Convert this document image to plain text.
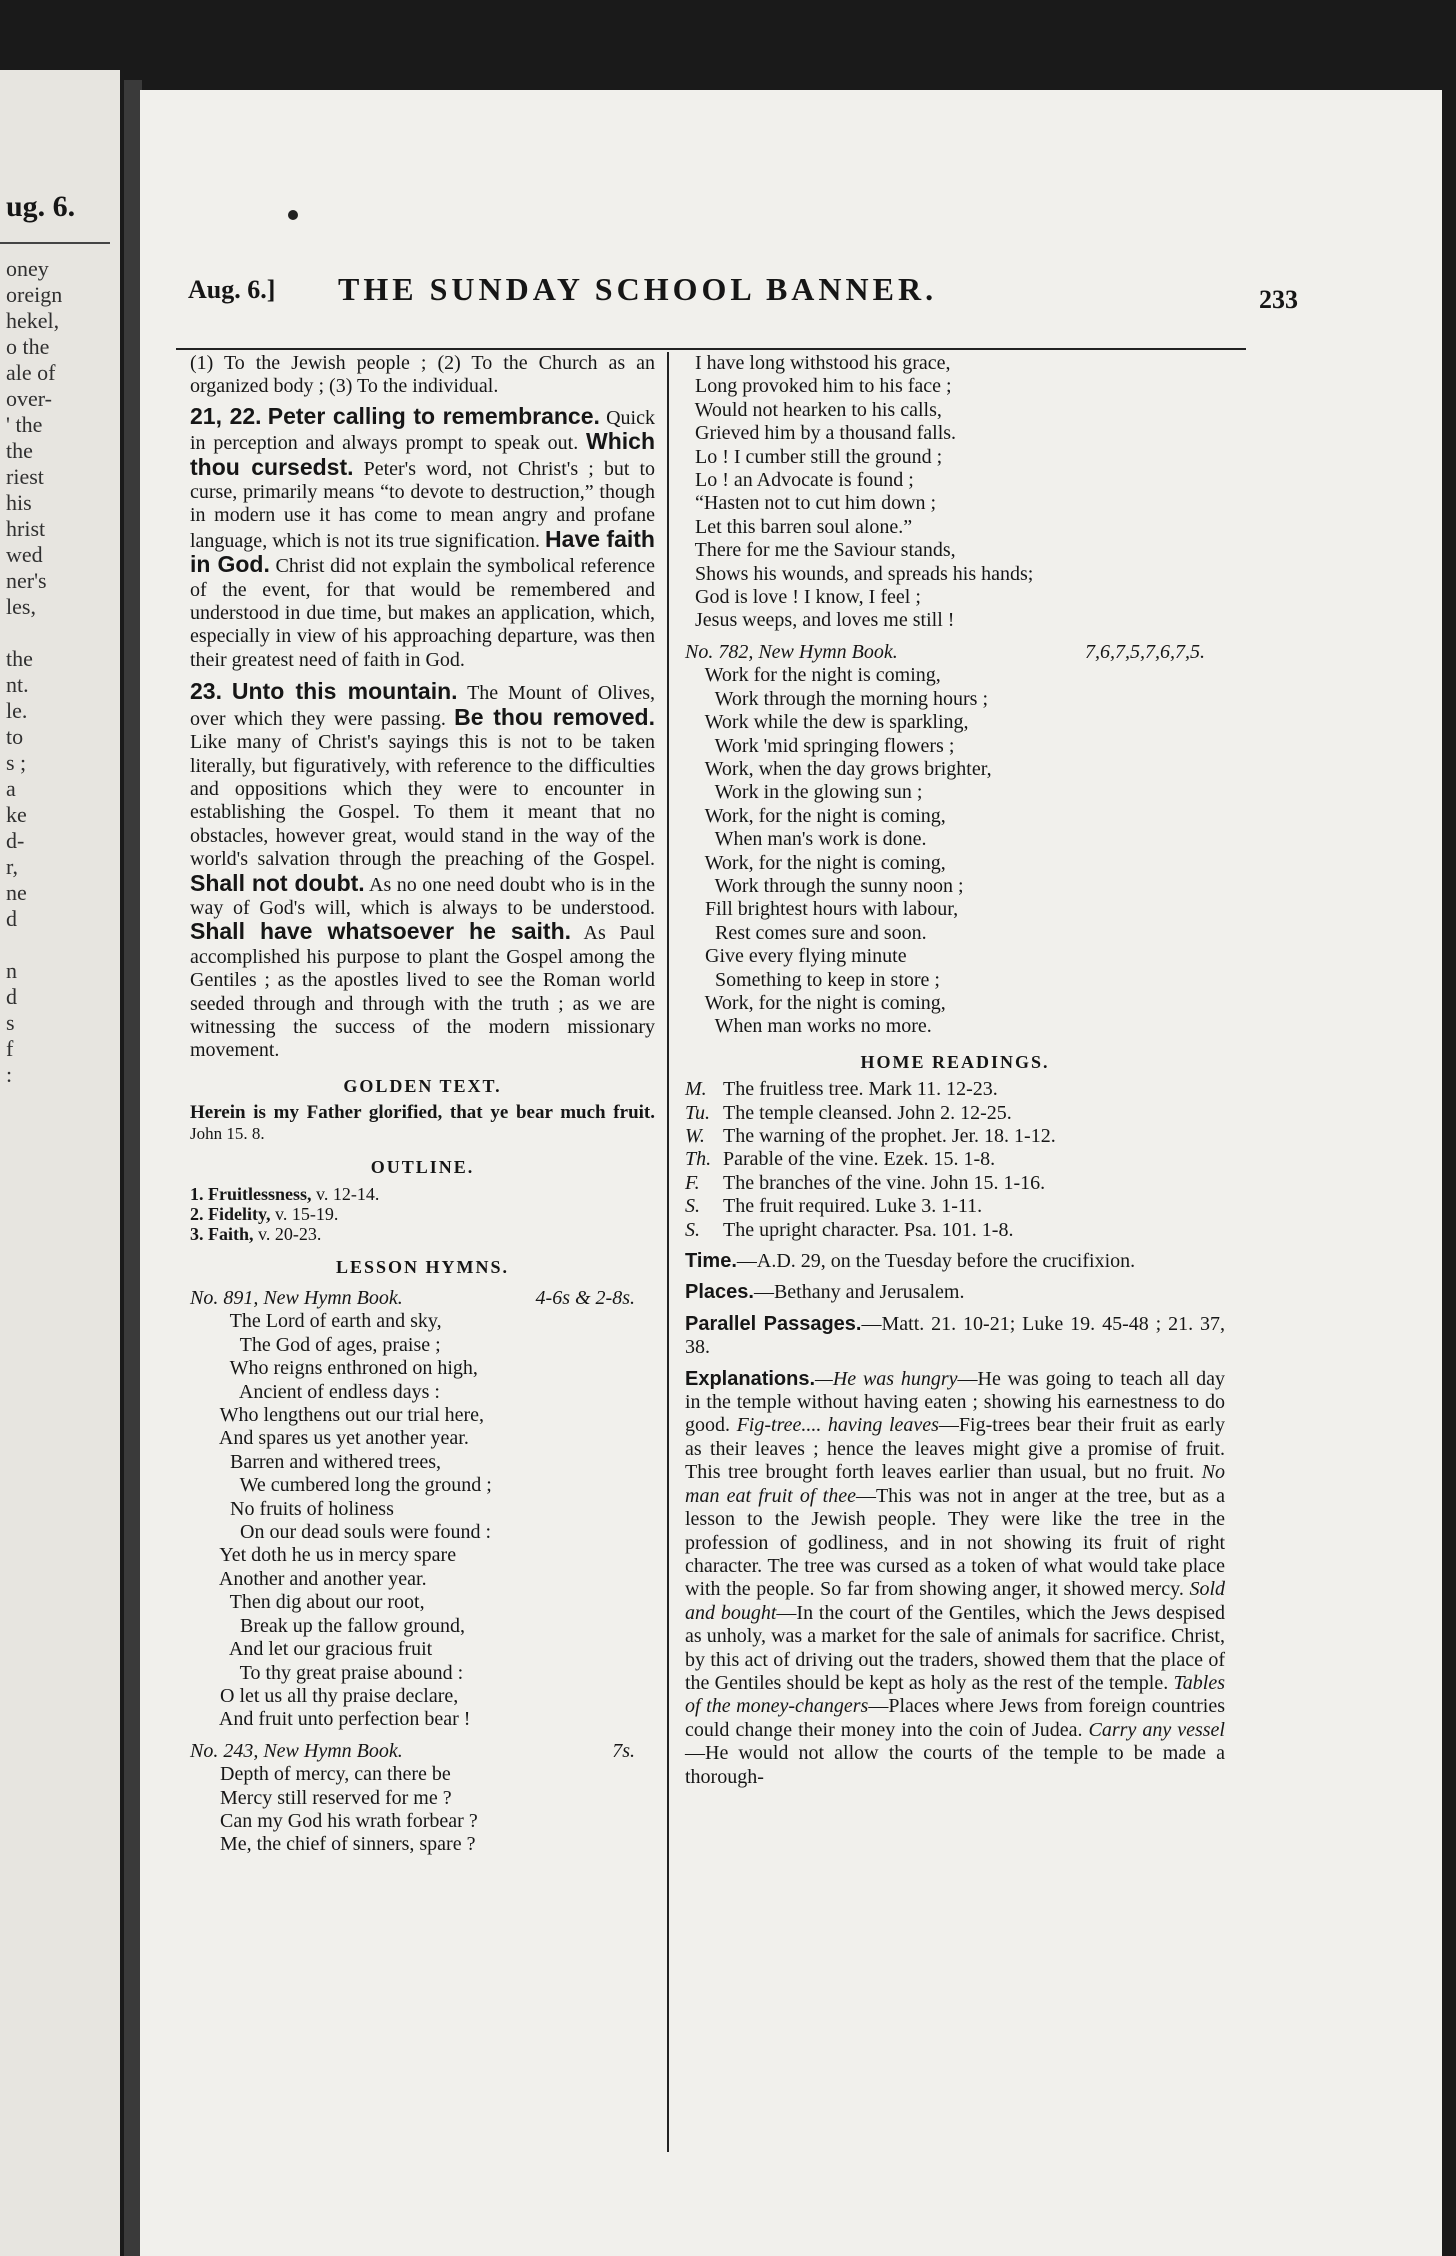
ug. 6.
oney
oreign
hekel,
o the
ale of
over-
' the
the
riest
his
hrist
wed
ner's
les,

the
nt.
le.
to
s ;
a
ke
d-
r,
ne
d

n
d
s
f
:
Aug. 6.] THE SUNDAY SCHOOL BANNER.	233

(1) To the Jewish people ; (2) To the Church as an organized body ; (3) To the individual.

21, 22. Peter calling to remembrance. Quick in perception and always prompt to speak out. Which thou cursedst. Peter's word, not Christ's ; but to curse, primarily means “to devote to destruction,” though in modern use it has come to mean angry and profane language, which is not its true signification. Have faith in God. Christ did not explain the symbolical reference of the event, for that would be remembered and understood in due time, but makes an application, which, especially in view of his approaching departure, was then their greatest need of faith in God.

23. Unto this mountain. The Mount of Olives, over which they were passing. Be thou removed. Like many of Christ's sayings this is not to be taken literally, but figuratively, with reference to the difficulties and oppositions which they were to encounter in establishing the Gospel. To them it meant that no obstacles, however great, would stand in the way of the world's salvation through the preaching of the Gospel. Shall not doubt. As no one need doubt who is in the way of God's will, which is always to be understood. Shall have whatsoever he saith. As Paul accomplished his purpose to plant the Gospel among the Gentiles ; as the apostles lived to see the Roman world seeded through and through with the truth ; as we are witnessing the success of the modern missionary movement.

GOLDEN TEXT.

Herein is my Father glorified, that ye bear much fruit. John 15. 8.

OUTLINE.
1. Fruitlessness, v. 12-14.
2. Fidelity, v. 15-19.
3. Faith, v. 20-23.
LESSON HYMNS.
No. 891, New Hymn Book.	4-6s & 2-8s.
The Lord of earth and sky,
The God of ages, praise ;
Who reigns enthroned on high,
Ancient of endless days :
Who lengthens out our trial here,
And spares us yet another year.
Barren and withered trees,
We cumbered long the ground ;
No fruits of holiness
On our dead souls were found :
Yet doth he us in mercy spare
Another and another year.
Then dig about our root,
Break up the fallow ground,
And let our gracious fruit
To thy great praise abound :
O let us all thy praise declare,
And fruit unto perfection bear !
No. 243, New Hymn Book.	7s.
Depth of mercy, can there be
Mercy still reserved for me ?
Can my God his wrath forbear ?
Me, the chief of sinners, spare ?
I have long withstood his grace,
Long provoked him to his face ;
Would not hearken to his calls,
Grieved him by a thousand falls.
Lo ! I cumber still the ground ;
Lo ! an Advocate is found ;
“Hasten not to cut him down ;
Let this barren soul alone.”
There for me the Saviour stands,
Shows his wounds, and spreads his hands;
God is love ! I know, I feel ;
Jesus weeps, and loves me still !
No. 782, New Hymn Book.	7,6,7,5,7,6,7,5.
Work for the night is coming,
Work through the morning hours ;
Work while the dew is sparkling,
Work 'mid springing flowers ;
Work, when the day grows brighter,
Work in the glowing sun ;
Work, for the night is coming,
When man's work is done.
Work, for the night is coming,
Work through the sunny noon ;
Fill brightest hours with labour,
Rest comes sure and soon.
Give every flying minute
Something to keep in store ;
Work, for the night is coming,
When man works no more.
HOME READINGS.
M. The fruitless tree. Mark 11. 12-23.
Tu. The temple cleansed. John 2. 12-25.
W. The warning of the prophet. Jer. 18. 1-12.
Th. Parable of the vine. Ezek. 15. 1-8.
F.	The branches of the vine. John 15. 1-16.
S.	The fruit required. Luke 3. 1-11.
S.	The upright character. Psa. 101. 1-8.

Time.—A.D. 29, on the Tuesday before the crucifixion.

Places.—Bethany and Jerusalem.

Parallel Passages.—Matt. 21. 10-21; Luke 19. 45-48 ; 21. 37, 38.

Explanations.—He was hungry—He was going to teach all day in the temple without having eaten ; showing his earnestness to do good. Fig-tree.... having leaves—Fig-trees bear their fruit as early as their leaves ; hence the leaves might give a promise of fruit. This tree brought forth leaves earlier than usual, but no fruit. No man eat fruit of thee—This was not in anger at the tree, but as a lesson to the Jewish people. They were like the tree in the profession of godliness, and in not showing its fruit of right character. The tree was cursed as a token of what would take place with the people. So far from showing anger, it showed mercy. Sold and bought—In the court of the Gentiles, which the Jews despised as unholy, was a market for the sale of animals for sacrifice. Christ, by this act of driving out the traders, showed them that the place of the Gentiles should be kept as holy as the rest of the temple. Tables of the money-changers—Places where Jews from foreign countries could change their money into the coin of Judea. Carry any vessel—He would not allow the courts of the temple to be made a thorough-
